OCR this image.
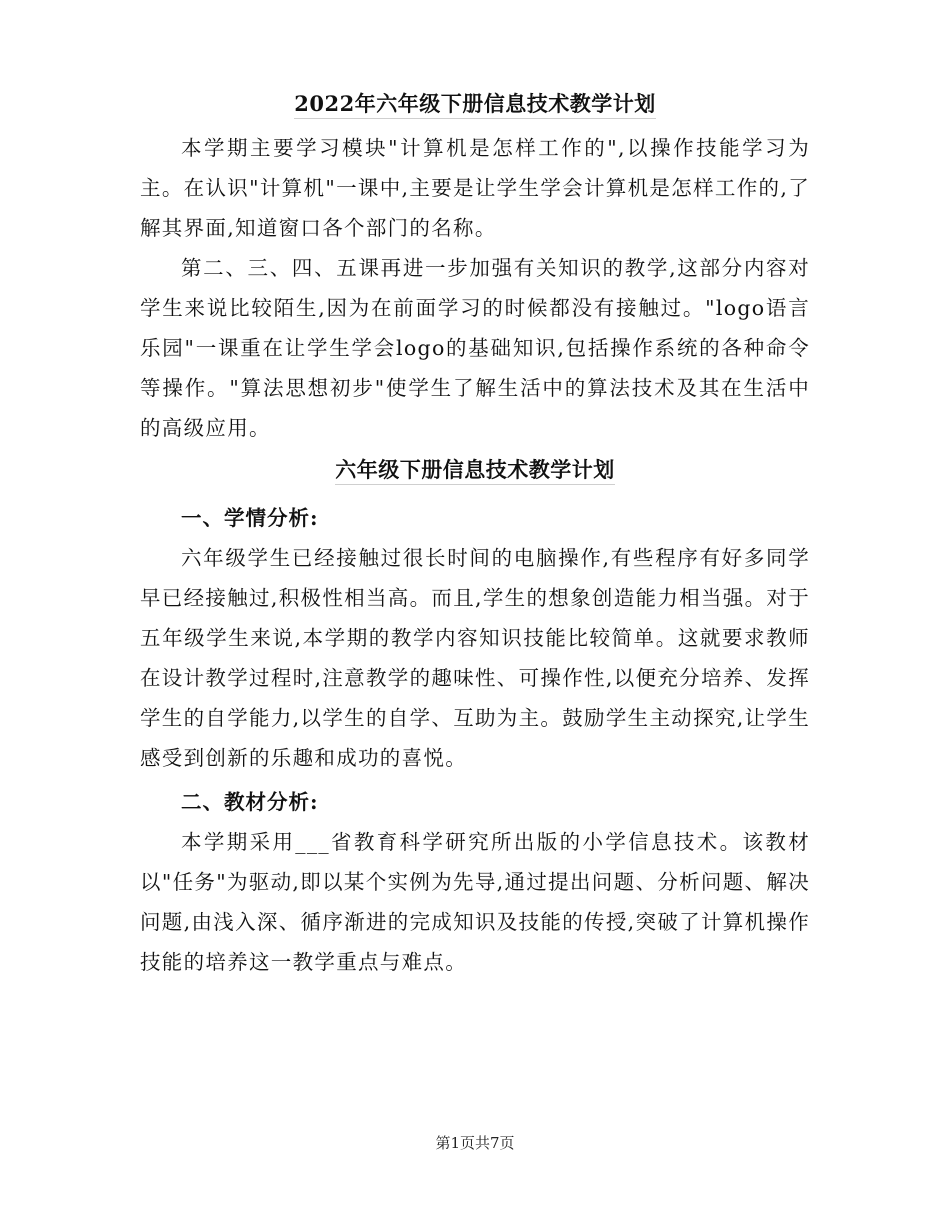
2022年六年级下册信息技术教学计划

本学期主要学习模块"计算机是怎样工作的",以操作技能学习为主。在认识"计算机"一课中,主要是让学生学会计算机是怎样工作的,了解其界面,知道窗口各个部门的名称。

第二、三、四、五课再进一步加强有关知识的教学,这部分内容对学生来说比较陌生,因为在前面学习的时候都没有接触过。"logo语言乐园"一课重在让学生学会logo的基础知识,包括操作系统的各种命令等操作。"算法思想初步"使学生了解生活中的算法技术及其在生活中的高级应用。

六年级下册信息技术教学计划
一、学情分析:

六年级学生已经接触过很长时间的电脑操作,有些程序有好多同学早已经接触过,积极性相当高。而且,学生的想象创造能力相当强。对于五年级学生来说,本学期的教学内容知识技能比较简单。这就要求教师在设计教学过程时,注意教学的趣味性、可操作性,以便充分培养、发挥学生的自学能力,以学生的自学、互助为主。鼓励学生主动探究,让学生感受到创新的乐趣和成功的喜悦。

二、教材分析:

本学期采用___省教育科学研究所出版的小学信息技术。该教材以"任务"为驱动,即以某个实例为先导,通过提出问题、分析问题、解决问题,由浅入深、循序渐进的完成知识及技能的传授,突破了计算机操作技能的培养这一教学重点与难点。

第1页共7页
